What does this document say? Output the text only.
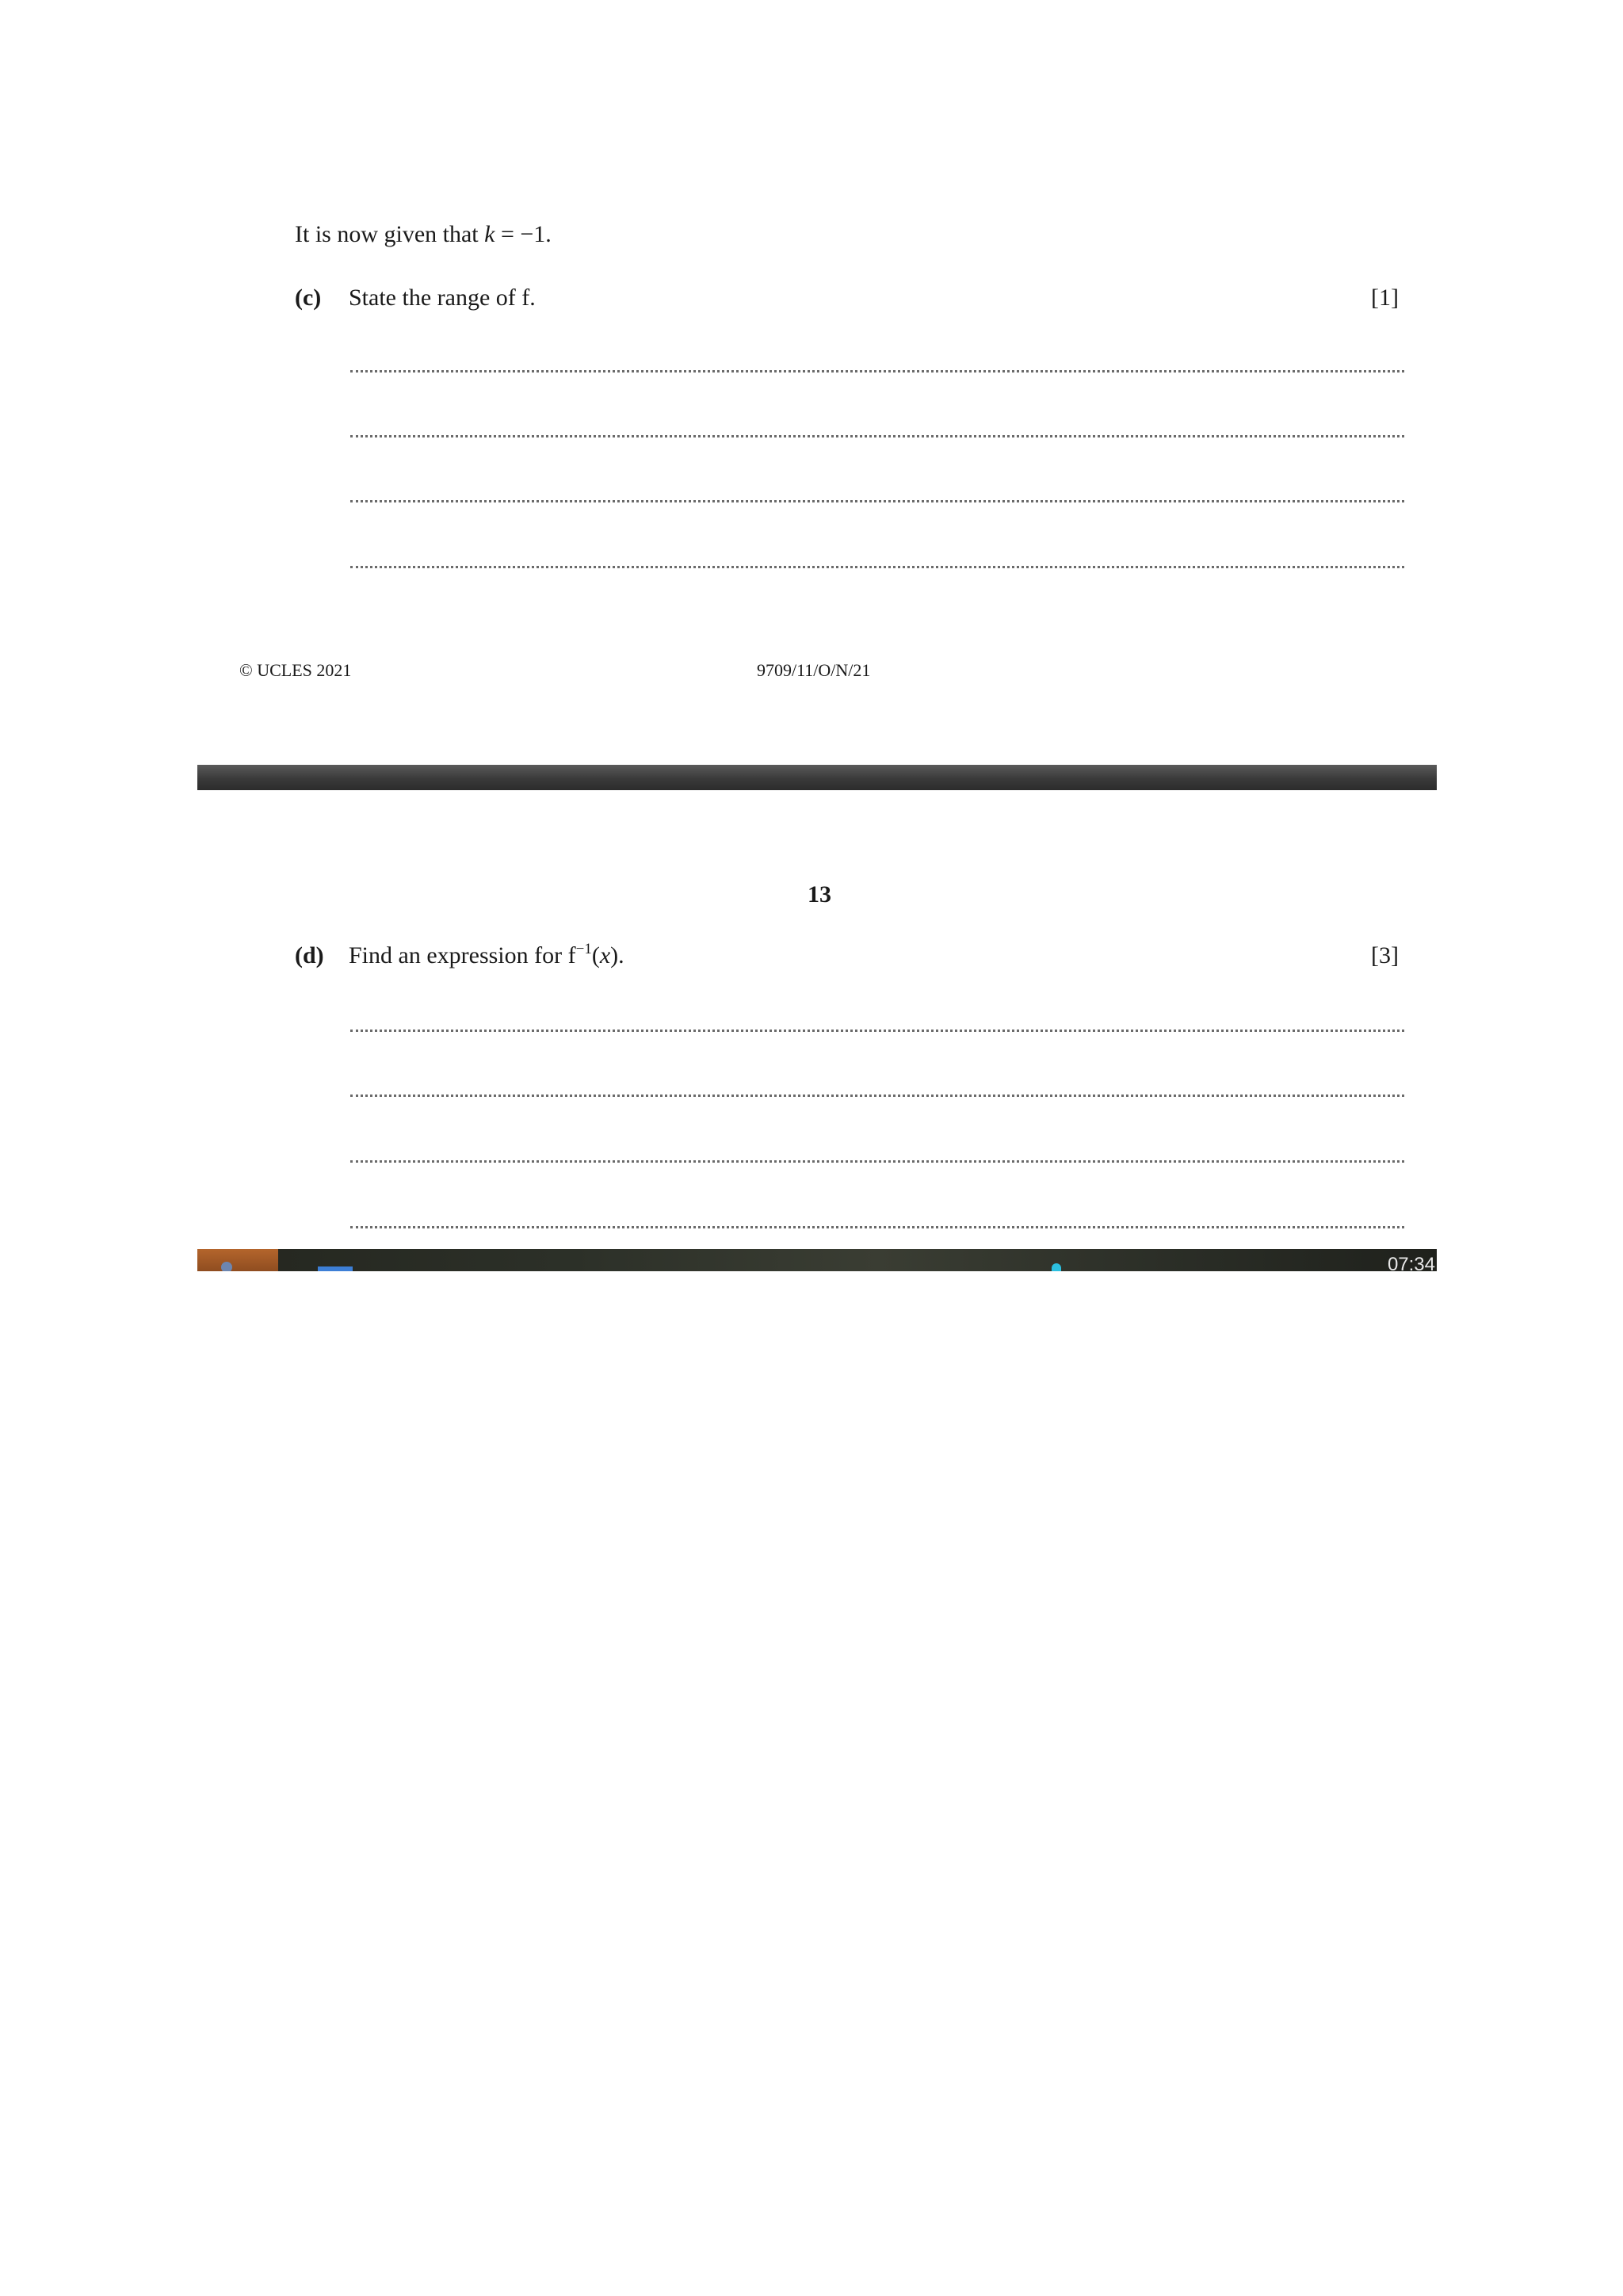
It is now given that k = −1.
(c) State the range of f.	[1]
© UCLES 2021	9709/11/O/N/21
13
(d) Find an expression for $f^{-1}(x)$.	[3]
07:34
